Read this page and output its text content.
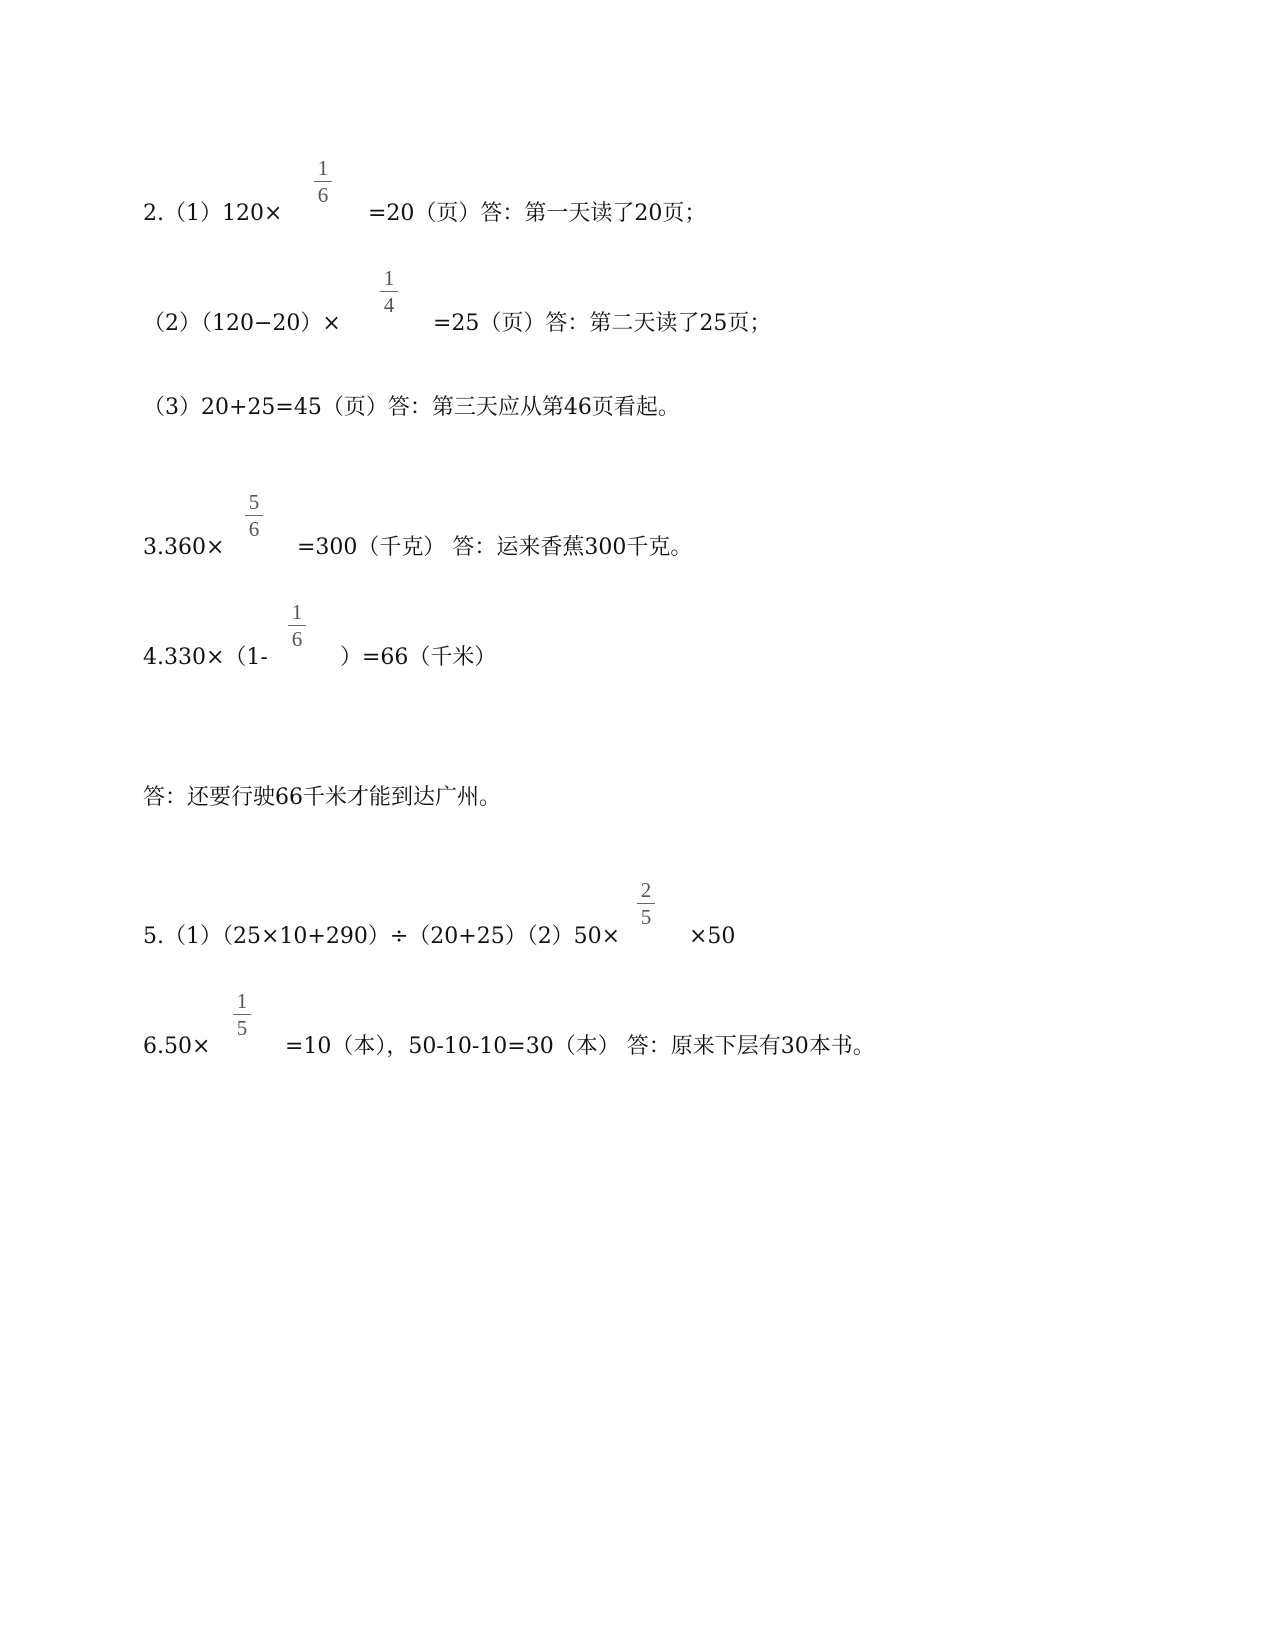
2.（1）120×
1
6
=20（页）答：第一天读了20页；
（2）（120−20）×
1
4
=25（页）答：第二天读了25页；
（3）20+25=45（页）答：第三天应从第46页看起。
3.360×
5
6
=300（千克） 答：运来香蕉300千克。
4.330×（1-
1
6
）=66（千米）
答：还要行驶66千米才能到达广州。
5.（1）（25×10+290）÷（20+25）（2）50×
2
5
×50
6.50×
1
5
=10（本），50-10-10=30（本） 答：原来下层有30本书。
